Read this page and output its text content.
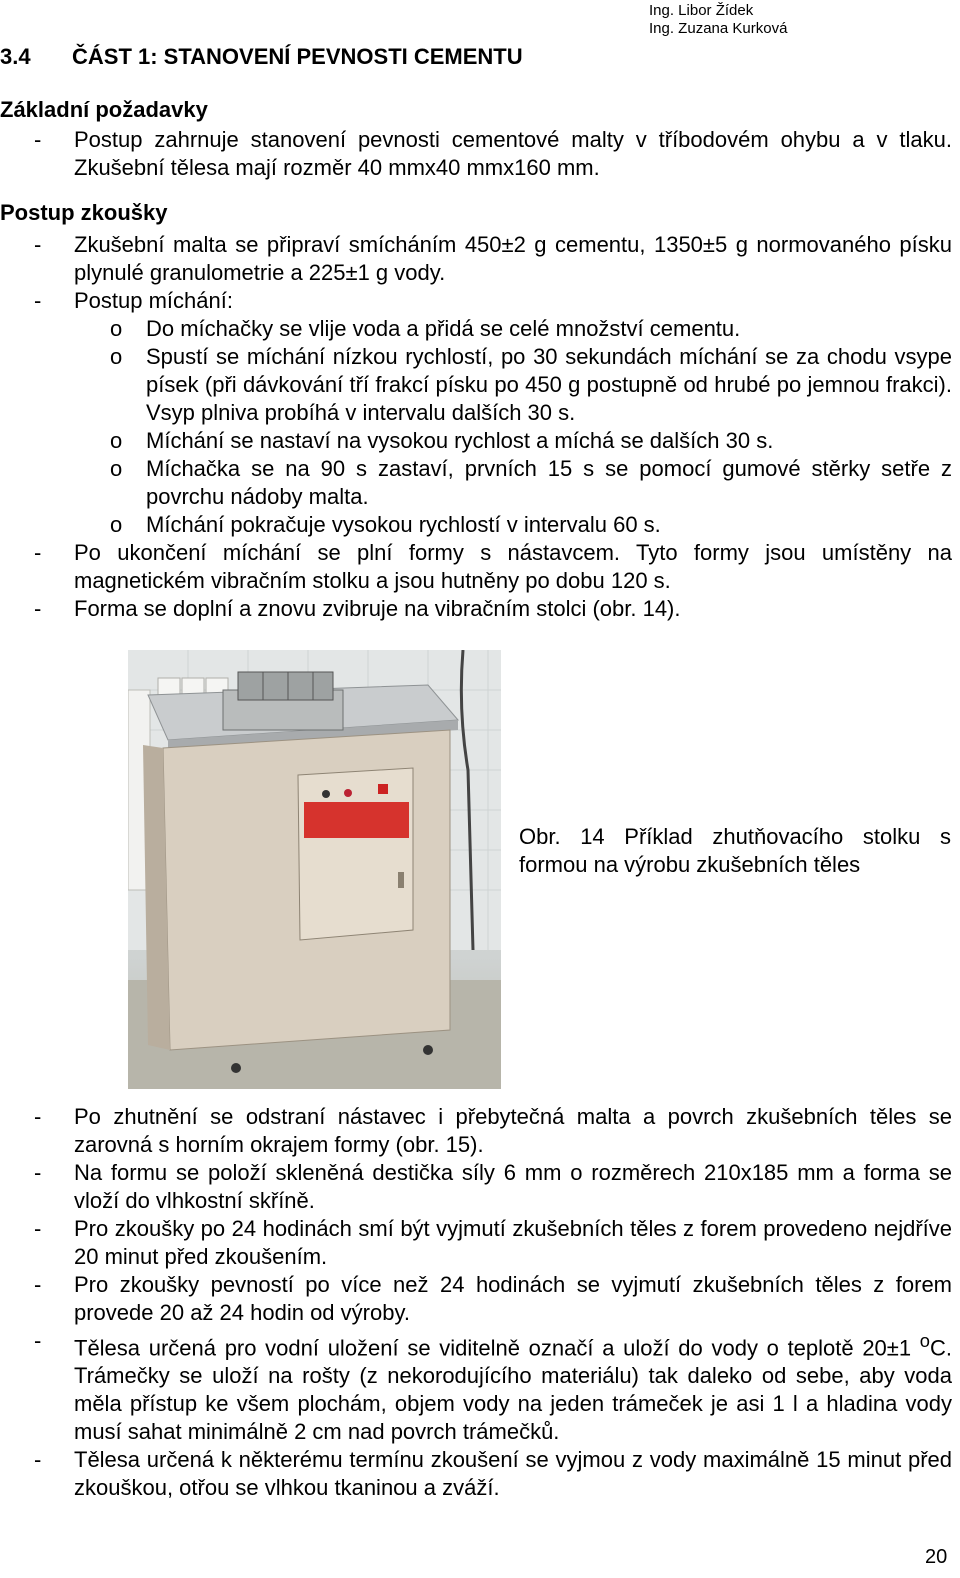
Ing. Libor Žídek
Ing. Zuzana Kurková
3.4 ČÁST 1: STANOVENÍ PEVNOSTI CEMENTU
Základní požadavky
- Postup zahrnuje stanovení pevnosti cementové malty v tříbodovém ohybu a v tlaku. Zkušební tělesa mají rozměr 40 mmx40 mmx160 mm.
Postup zkoušky
- Zkušební malta se připraví smícháním 450±2 g cementu, 1350±5 g normovaného písku plynulé granulometrie a 225±1 g vody.
- Postup míchání:
o Do míchačky se vlije voda a přidá se celé množství cementu.
o Spustí se míchání nízkou rychlostí, po 30 sekundách míchání se za chodu vsype písek (při dávkování tří frakcí písku po 450 g postupně od hrubé po jemnou frakci). Vsyp plniva probíhá v intervalu dalších 30 s.
o Míchání se nastaví na vysokou rychlost a míchá se dalších 30 s.
o Míchačka se na 90 s zastaví, prvních 15 s se pomocí gumové stěrky setře z povrchu nádoby malta.
o Míchání pokračuje vysokou rychlostí v intervalu 60 s.
- Po ukončení míchání se plní formy s nástavcem. Tyto formy jsou umístěny na magnetickém vibračním stolku a jsou hutněny po dobu 120 s.
- Forma se doplní a znovu zvibruje na vibračním stolci (obr. 14).
Obr. 14 Příklad zhutňovacího stolku s formou na výrobu zkušebních těles
- Po zhutnění se odstraní nástavec i přebytečná malta a povrch zkušebních těles se zarovná s horním okrajem formy (obr. 15).
- Na formu se položí skleněná destička síly 6 mm o rozměrech 210x185 mm a forma se vloží do vlhkostní skříně.
- Pro zkoušky po 24 hodinách smí být vyjmutí zkušebních těles z forem provedeno nejdříve 20 minut před zkoušením.
- Pro zkoušky pevností po více než 24 hodinách se vyjmutí zkušebních těles z forem provede 20 až 24 hodin od výroby.
- Tělesa určená pro vodní uložení se viditelně označí a uloží do vody o teplotě 20±1 $^o$C. Trámečky se uloží na rošty (z nekorodujícího materiálu) tak daleko od sebe, aby voda měla přístup ke všem plochám, objem vody na jeden trámeček je asi 1 l a hladina vody musí sahat minimálně 2 cm nad povrch trámečků.
- Tělesa určená k některému termínu zkoušení se vyjmou z vody maximálně 15 minut před zkouškou, otřou se vlhkou tkaninou a zváží.
20
